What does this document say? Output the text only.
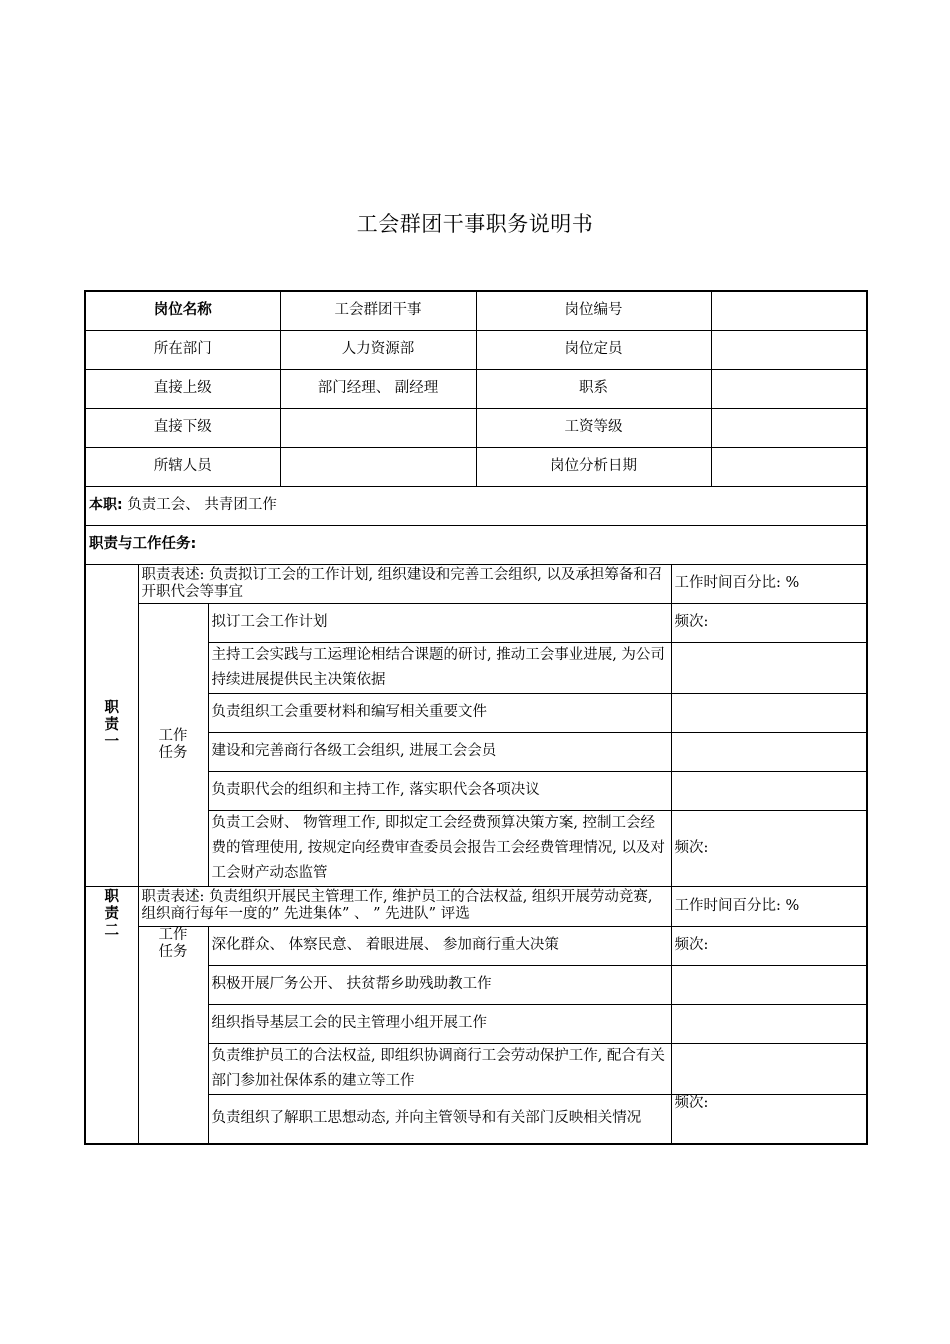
工会群团干事职务说明书
岗位名称			工会群团干事	岗位编号		
所在部门			人力资源部	岗位定员		
直接上级			部门经理、 副经理	职系		
直接下级				工资等级		
所辖人员				岗位分析日期		
本职: 负责工会、 共青团工作						
职责与工作任务:						

职
责
一	职责表述: 负责拟订工会的工作计划, 组织建设和完善工会组织, 以及承担筹备和召开职代会等事宜				工作时间百分比: %	
	工作任务	拟订工会工作计划			频次:	
		主持工会实践与工运理论相结合课题的研讨, 推动工会事业进展, 为公司持续进展提供民主决策依据				
		负责组织工会重要材料和编写相关重要文件				
		建设和完善商行各级工会组织, 进展工会会员				
		负责职代会的组织和主持工作, 落实职代会各项决议				
		负责工会财、 物管理工作, 即拟定工会经费预算决策方案, 控制工会经费的管理使用, 按规定向经费审查委员会报告工会经费管理情况, 以及对工会财产动态监管			频次:	

职
责
二	职责表述: 负责组织开展民主管理工作, 维护员工的合法权益, 组织开展劳动竞赛, 组织商行每年一度的” 先进集体” 、 ” 先进队” 评选				工作时间百分比: %	
	工作任务	深化群众、 体察民意、 着眼进展、 参加商行重大决策			频次:	
		积极开展厂务公开、 扶贫帮乡助残助教工作				
		组织指导基层工会的民主管理小组开展工作				
		负责维护员工的合法权益, 即组织协调商行工会劳动保护工作, 配合有关部门参加社保体系的建立等工作				
		负责组织了解职工思想动态, 并向主管领导和有关部门反映相关情况			频次:	
